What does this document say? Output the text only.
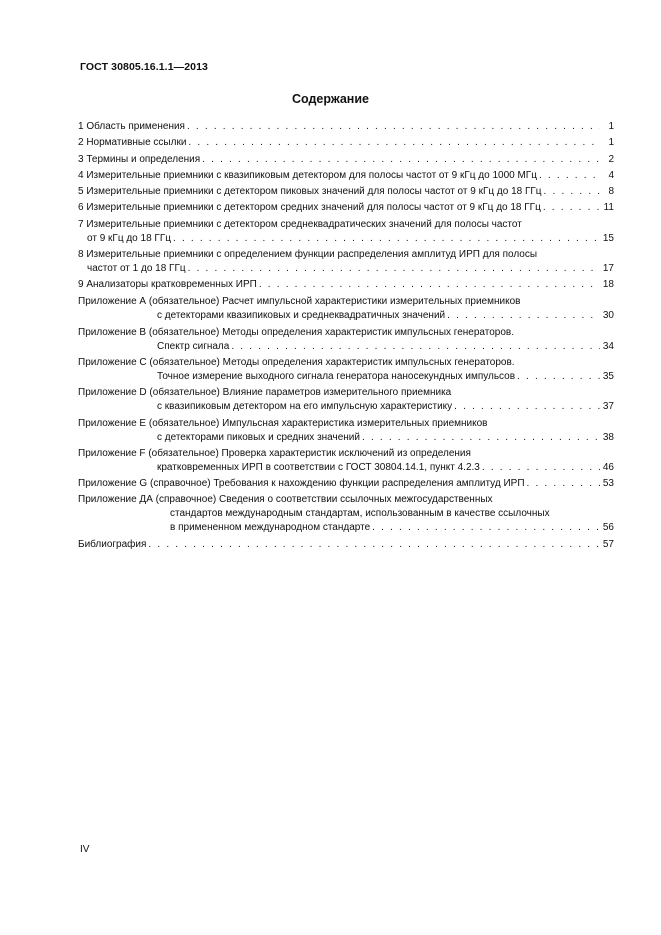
ГОСТ 30805.16.1.1—2013
Содержание
1 Область применения . . .	1
2 Нормативные ссылки . . .	1
3 Термины и определения . . .	2
4 Измерительные приемники с квазипиковым детектором для полосы частот от 9 кГц до 1000 МГц . . .	4
5 Измерительные приемники с детектором пиковых значений для полосы частот от 9 кГц до 18 ГГц . . .	8
6 Измерительные приемники с детектором средних значений для полосы частот от 9 кГц до 18 ГГц . . .	11
7 Измерительные приемники с детектором среднеквадратических значений для полосы частот
от 9 кГц до 18 ГГц . . .	15
8 Измерительные приемники с определением функции распределения амплитуд ИРП для полосы
частот от 1 до 18 ГГц . . .	17
9 Анализаторы кратковременных ИРП . . .	18
Приложение А (обязательное) Расчет импульсной характеристики измерительных приемников
с детекторами квазипиковых и среднеквадратичных значений . . .	30
Приложение В (обязательное) Методы определения характеристик импульсных генераторов.
Спектр сигнала . . .	34
Приложение С (обязательное) Методы определения характеристик импульсных генераторов.
Точное измерение выходного сигнала генератора наносекундных импульсов . . .	35
Приложение D (обязательное) Влияние параметров измерительного приемника
с квазипиковым детектором на его импульсную характеристику . . .	37
Приложение Е (обязательное) Импульсная характеристика измерительных приемников
с детекторами пиковых и средних значений . . .	38
Приложение F (обязательное) Проверка характеристик исключений из определения
кратковременных ИРП в соответствии с ГОСТ 30804.14.1, пункт 4.2.3 . . .	46
Приложение G (справочное) Требования к нахождению функции распределения амплитуд ИРП . . .	53
Приложение ДА (справочное) Сведения о соответствии ссылочных межгосударственных
стандартов международным стандартам, использованным в качестве ссылочных
в примененном международном стандарте . . .	56
Библиография . . .	57
IV
